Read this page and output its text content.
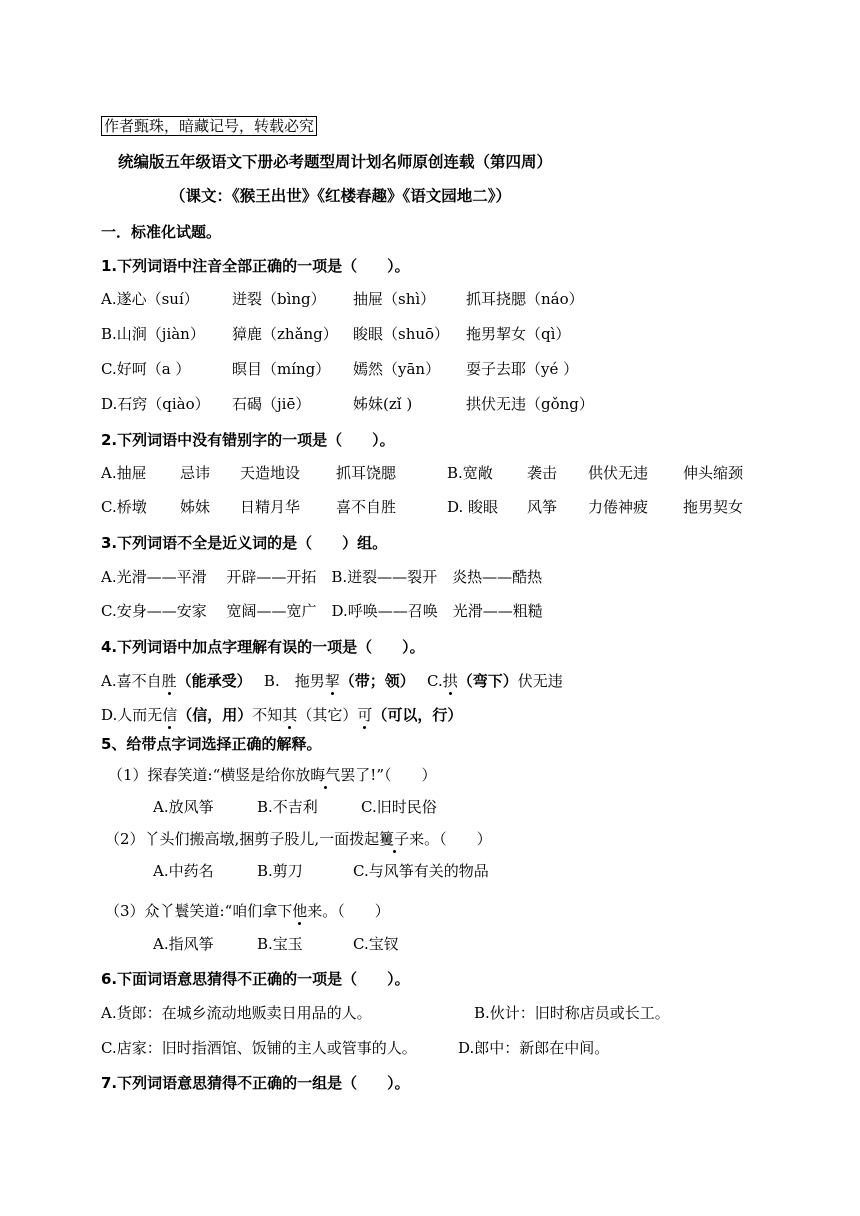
作者甄珠，暗藏记号，转载必究
统编版五年级语文下册必考题型周计划名师原创连载（第四周）
（课文：《猴王出世》《红楼春趣》《语文园地二》）
一．标准化试题。
1.下列词语中注音全部正确的一项是（　　）。
A.遂心（suí） 迸裂（bìng） 抽屉（shì） 抓耳挠腮（náo）
B.山涧（jiàn） 獐鹿（zhǎng） 睃眼（shuō） 拖男挈女（qì）
C.好呵（a ）	暝目（míng） 嫣然（yān） 耍子去耶（yé ）
D.石窍（qiào） 石碣（jiē）	姊妹(zǐ )	拱伏无违（gǒng）
2.下列词语中没有错别字的一项是（　　）。
A.抽屉 忌讳 天造地设 抓耳饶腮	B.宽敞 袭击 供伏无违 伸头缩颈
C.桥墩 姊妹 日精月华 喜不自胜	D. 睃眼 风筝 力倦神疲 拖男契女
3.下列词语不全是近义词的是（　　）组。
A.光滑——平滑　 开辟——开拓　B.迸裂——裂开　炎热——酷热
C.安身——安家　 宽阔——宽广　D.呼唤——召唤　光滑——粗糙
4.下列词语中加点字理解有误的一项是（　　）。
A.喜不自胜（能承受）　 B.　拖男挈（带；领）　 C.拱（弯下）伏无违
D.人而无信（信，用）不知其（其它）可（可以，行）
5、给带点字词选择正确的解释。
（1）探春笑道:“横竖是给你放晦气罢了!”（　　）
A.放风筝	B.不吉利	C.旧时民俗
（2）丫头们搬高墩,捆剪子股儿,一面拨起籰子来。（　　）
A.中药名	B.剪刀	C.与风筝有关的物品
（3）众丫鬟笑道:“咱们拿下他来。（　　）
A.指风筝	B.宝玉	C.宝钗
6.下面词语意思猜得不正确的一项是（　　）。
A.货郎：在城乡流动地贩卖日用品的人。	B.伙计：旧时称店员或长工。
C.店家：旧时指酒馆、饭铺的主人或管事的人。	D.郎中：新郎在中间。
7.下列词语意思猜得不正确的一组是（　　）。
